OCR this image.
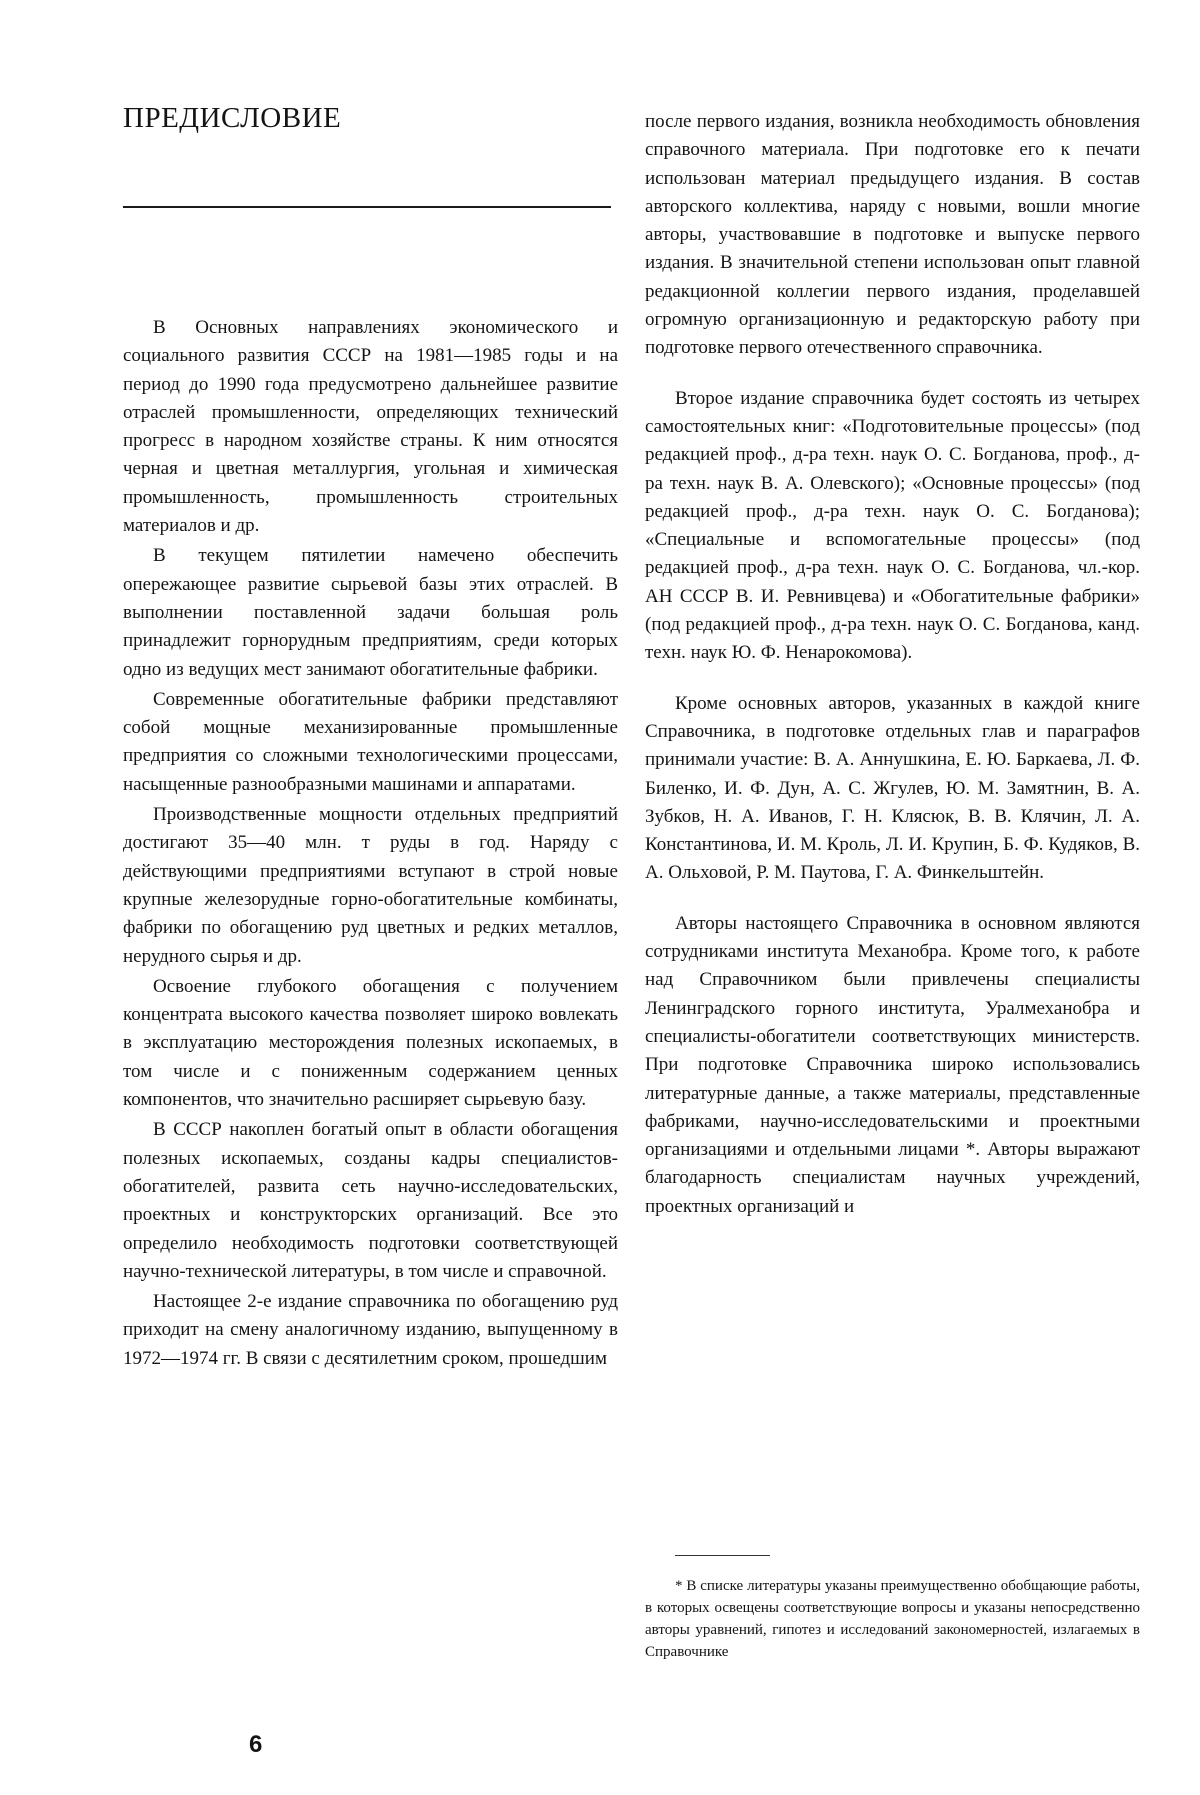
ПРЕДИСЛОВИЕ

В Основных направлениях экономического и социального развития СССР на 1981—1985 годы и на период до 1990 года предусмотрено дальнейшее развитие отраслей промышленности, определяющих технический прогресс в народном хозяйстве страны. К ним относятся черная и цветная металлургия, угольная и химическая промышленность, промышленность строительных материалов и др.

В текущем пятилетии намечено обеспечить опережающее развитие сырьевой базы этих отраслей. В выполнении поставленной задачи большая роль принадлежит горнорудным предприятиям, среди которых одно из ведущих мест занимают обогатительные фабрики.

Современные обогатительные фабрики представляют собой мощные механизированные промышленные предприятия со сложными технологическими процессами, насыщенные разнообразными машинами и аппаратами.

Производственные мощности отдельных предприятий достигают 35—40 млн. т руды в год. Наряду с действующими предприятиями вступают в строй новые крупные железорудные горно-обогатительные комбинаты, фабрики по обогащению руд цветных и редких металлов, нерудного сырья и др.

Освоение глубокого обогащения с получением концентрата высокого качества позволяет широко вовлекать в эксплуатацию месторождения полезных ископаемых, в том числе и с пониженным содержанием ценных компонентов, что значительно расширяет сырьевую базу.

В СССР накоплен богатый опыт в области обогащения полезных ископаемых, созданы кадры специалистов-обогатителей, развита сеть научно-исследовательских, проектных и конструкторских организаций. Все это определило необходимость подготовки соответствующей научно-технической литературы, в том числе и справочной.

Настоящее 2-е издание справочника по обогащению руд приходит на смену аналогичному изданию, выпущенному в 1972—1974 гг. В связи с десятилетним сроком, прошедшим

6

после первого издания, возникла необходимость обновления справочного материала. При подготовке его к печати использован материал предыдущего издания. В состав авторского коллектива, наряду с новыми, вошли многие авторы, участвовавшие в подготовке и выпуске первого издания. В значительной степени использован опыт главной редакционной коллегии первого издания, проделавшей огромную организационную и редакторскую работу при подготовке первого отечественного справочника.

Второе издание справочника будет состоять из четырех самостоятельных книг: «Подготовительные процессы» (под редакцией проф., д-ра техн. наук О. С. Богданова, проф., д-ра техн. наук В. А. Олевского); «Основные процессы» (под редакцией проф., д-ра техн. наук О. С. Богданова); «Специальные и вспомогательные процессы» (под редакцией проф., д-ра техн. наук О. С. Богданова, чл.-кор. АН СССР В. И. Ревнивцева) и «Обогатительные фабрики» (под редакцией проф., д-ра техн. наук О. С. Богданова, канд. техн. наук Ю. Ф. Ненарокомова).

Кроме основных авторов, указанных в каждой книге Справочника, в подготовке отдельных глав и параграфов принимали участие: В. А. Аннушкина, Е. Ю. Баркаева, Л. Ф. Биленко, И. Ф. Дун, А. С. Жгулев, Ю. М. Замятнин, В. А. Зубков, Н. А. Иванов, Г. Н. Клясюк, В. В. Клячин, Л. А. Константинова, И. М. Кроль, Л. И. Крупин, Б. Ф. Кудяков, В. А. Ольховой, Р. М. Паутова, Г. А. Финкельштейн.

Авторы настоящего Справочника в основном являются сотрудниками института Механобра. Кроме того, к работе над Справочником были привлечены специалисты Ленинградского горного института, Уралмеханобра и специалисты-обогатители соответствующих министерств. При подготовке Справочника широко использовались литературные данные, а также материалы, представленные фабриками, научно-исследовательскими и проектными организациями и отдельными лицами *. Авторы выражают благодарность специалистам научных учреждений, проектных организаций и

* В списке литературы указаны преимущественно обобщающие работы, в которых освещены соответствующие вопросы и указаны непосредственно авторы уравнений, гипотез и исследований закономерностей, излагаемых в Справочнике
